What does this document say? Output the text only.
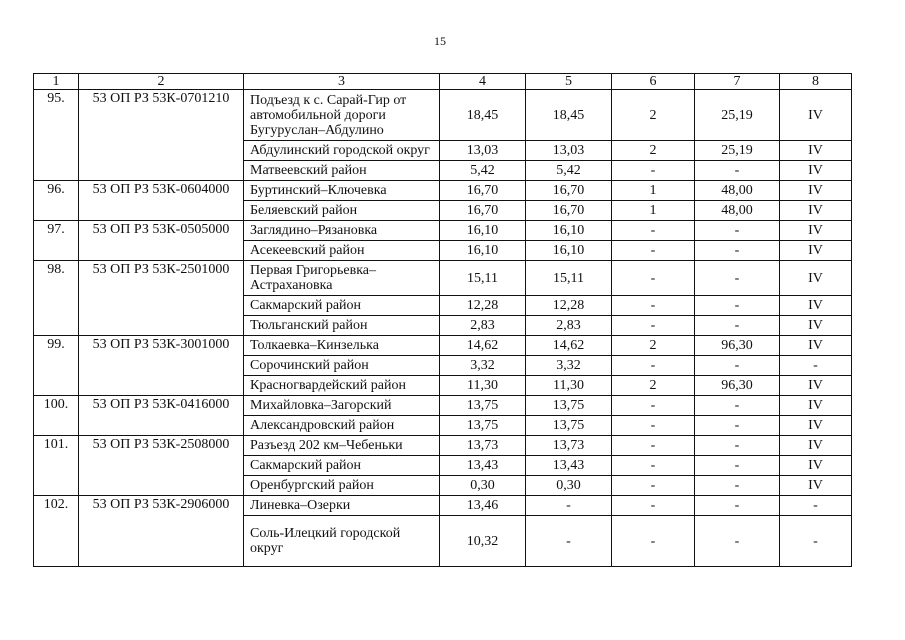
15
1	2	3	4	5	6	7	8
95.	53 ОП РЗ 53К-0701210	Подъезд к с. Сарай-Гир от автомобильной дороги Бугуруслан–Абдулино	18,45	18,45	2	25,19	IV
		Абдулинский городской округ	13,03	13,03	2	25,19	IV
		Матвеевский район	5,42	5,42	-	-	IV
96.	53 ОП РЗ 53К-0604000	Буртинский–Ключевка	16,70	16,70	1	48,00	IV
		Беляевский район	16,70	16,70	1	48,00	IV
97.	53 ОП РЗ 53К-0505000	Заглядино–Рязановка	16,10	16,10	-	-	IV
		Асекеевский район	16,10	16,10	-	-	IV
98.	53 ОП РЗ 53К-2501000	Первая Григорьевка–Астрахановка	15,11	15,11	-	-	IV
		Сакмарский район	12,28	12,28	-	-	IV
		Тюльганский район	2,83	2,83	-	-	IV
99.	53 ОП РЗ 53К-3001000	Толкаевка–Кинзелька	14,62	14,62	2	96,30	IV
		Сорочинский район	3,32	3,32	-	-	-
		Красногвардейский район	11,30	11,30	2	96,30	IV
100.	53 ОП РЗ 53К-0416000	Михайловка–Загорский	13,75	13,75	-	-	IV
		Александровский район	13,75	13,75	-	-	IV
101.	53 ОП РЗ 53К-2508000	Разъезд 202 км–Чебеньки	13,73	13,73	-	-	IV
		Сакмарский район	13,43	13,43	-	-	IV
		Оренбургский район	0,30	0,30	-	-	IV
102.	53 ОП РЗ 53К-2906000	Линевка–Озерки	13,46	-	-	-	-
		Соль-Илецкий городской округ	10,32	-	-	-	-
